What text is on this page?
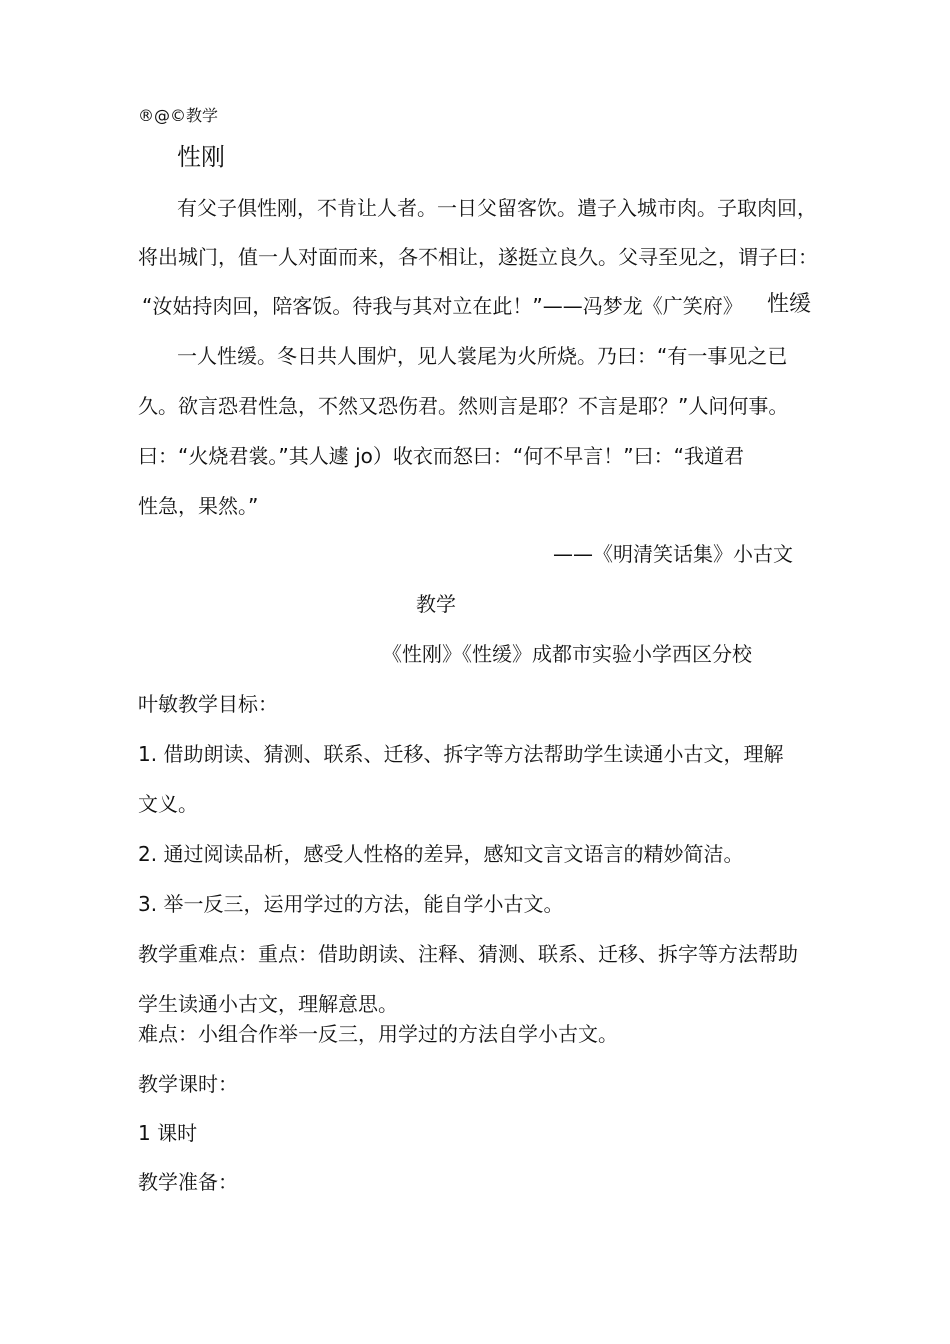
®@©教学
性刚
有父子俱性刚，不肯让人者。一日父留客饮。遣子入城市肉。子取肉回，
将出城门，值一人对面而来，各不相让，遂挺立良久。父寻至见之，谓子曰：
“汝姑持肉回，陪客饭。待我与其对立在此！”——冯梦龙《广笑府》 性缓
一人性缓。冬日共人围炉，见人裳尾为火所烧。乃曰：“有一事见之已
久。欲言恐君性急，不然又恐伤君。然则言是耶？不言是耶？”人问何事。
曰：“火烧君裳。”其人遽 jo）收衣而怒曰：“何不早言！”曰：“我道君
性急，果然。”
——《明清笑话集》小古文
教学
《性刚》《性缓》成都市实验小学西区分校
叶敏教学目标：
1. 借助朗读、猜测、联系、迁移、拆字等方法帮助学生读通小古文，理解
文义。
2. 通过阅读品析，感受人性格的差异，感知文言文语言的精妙简洁。
3. 举一反三，运用学过的方法，能自学小古文。
教学重难点：重点：借助朗读、注释、猜测、联系、迁移、拆字等方法帮助
学生读通小古文，理解意思。
难点：小组合作举一反三，用学过的方法自学小古文。
教学课时：
1 课时
教学准备：
